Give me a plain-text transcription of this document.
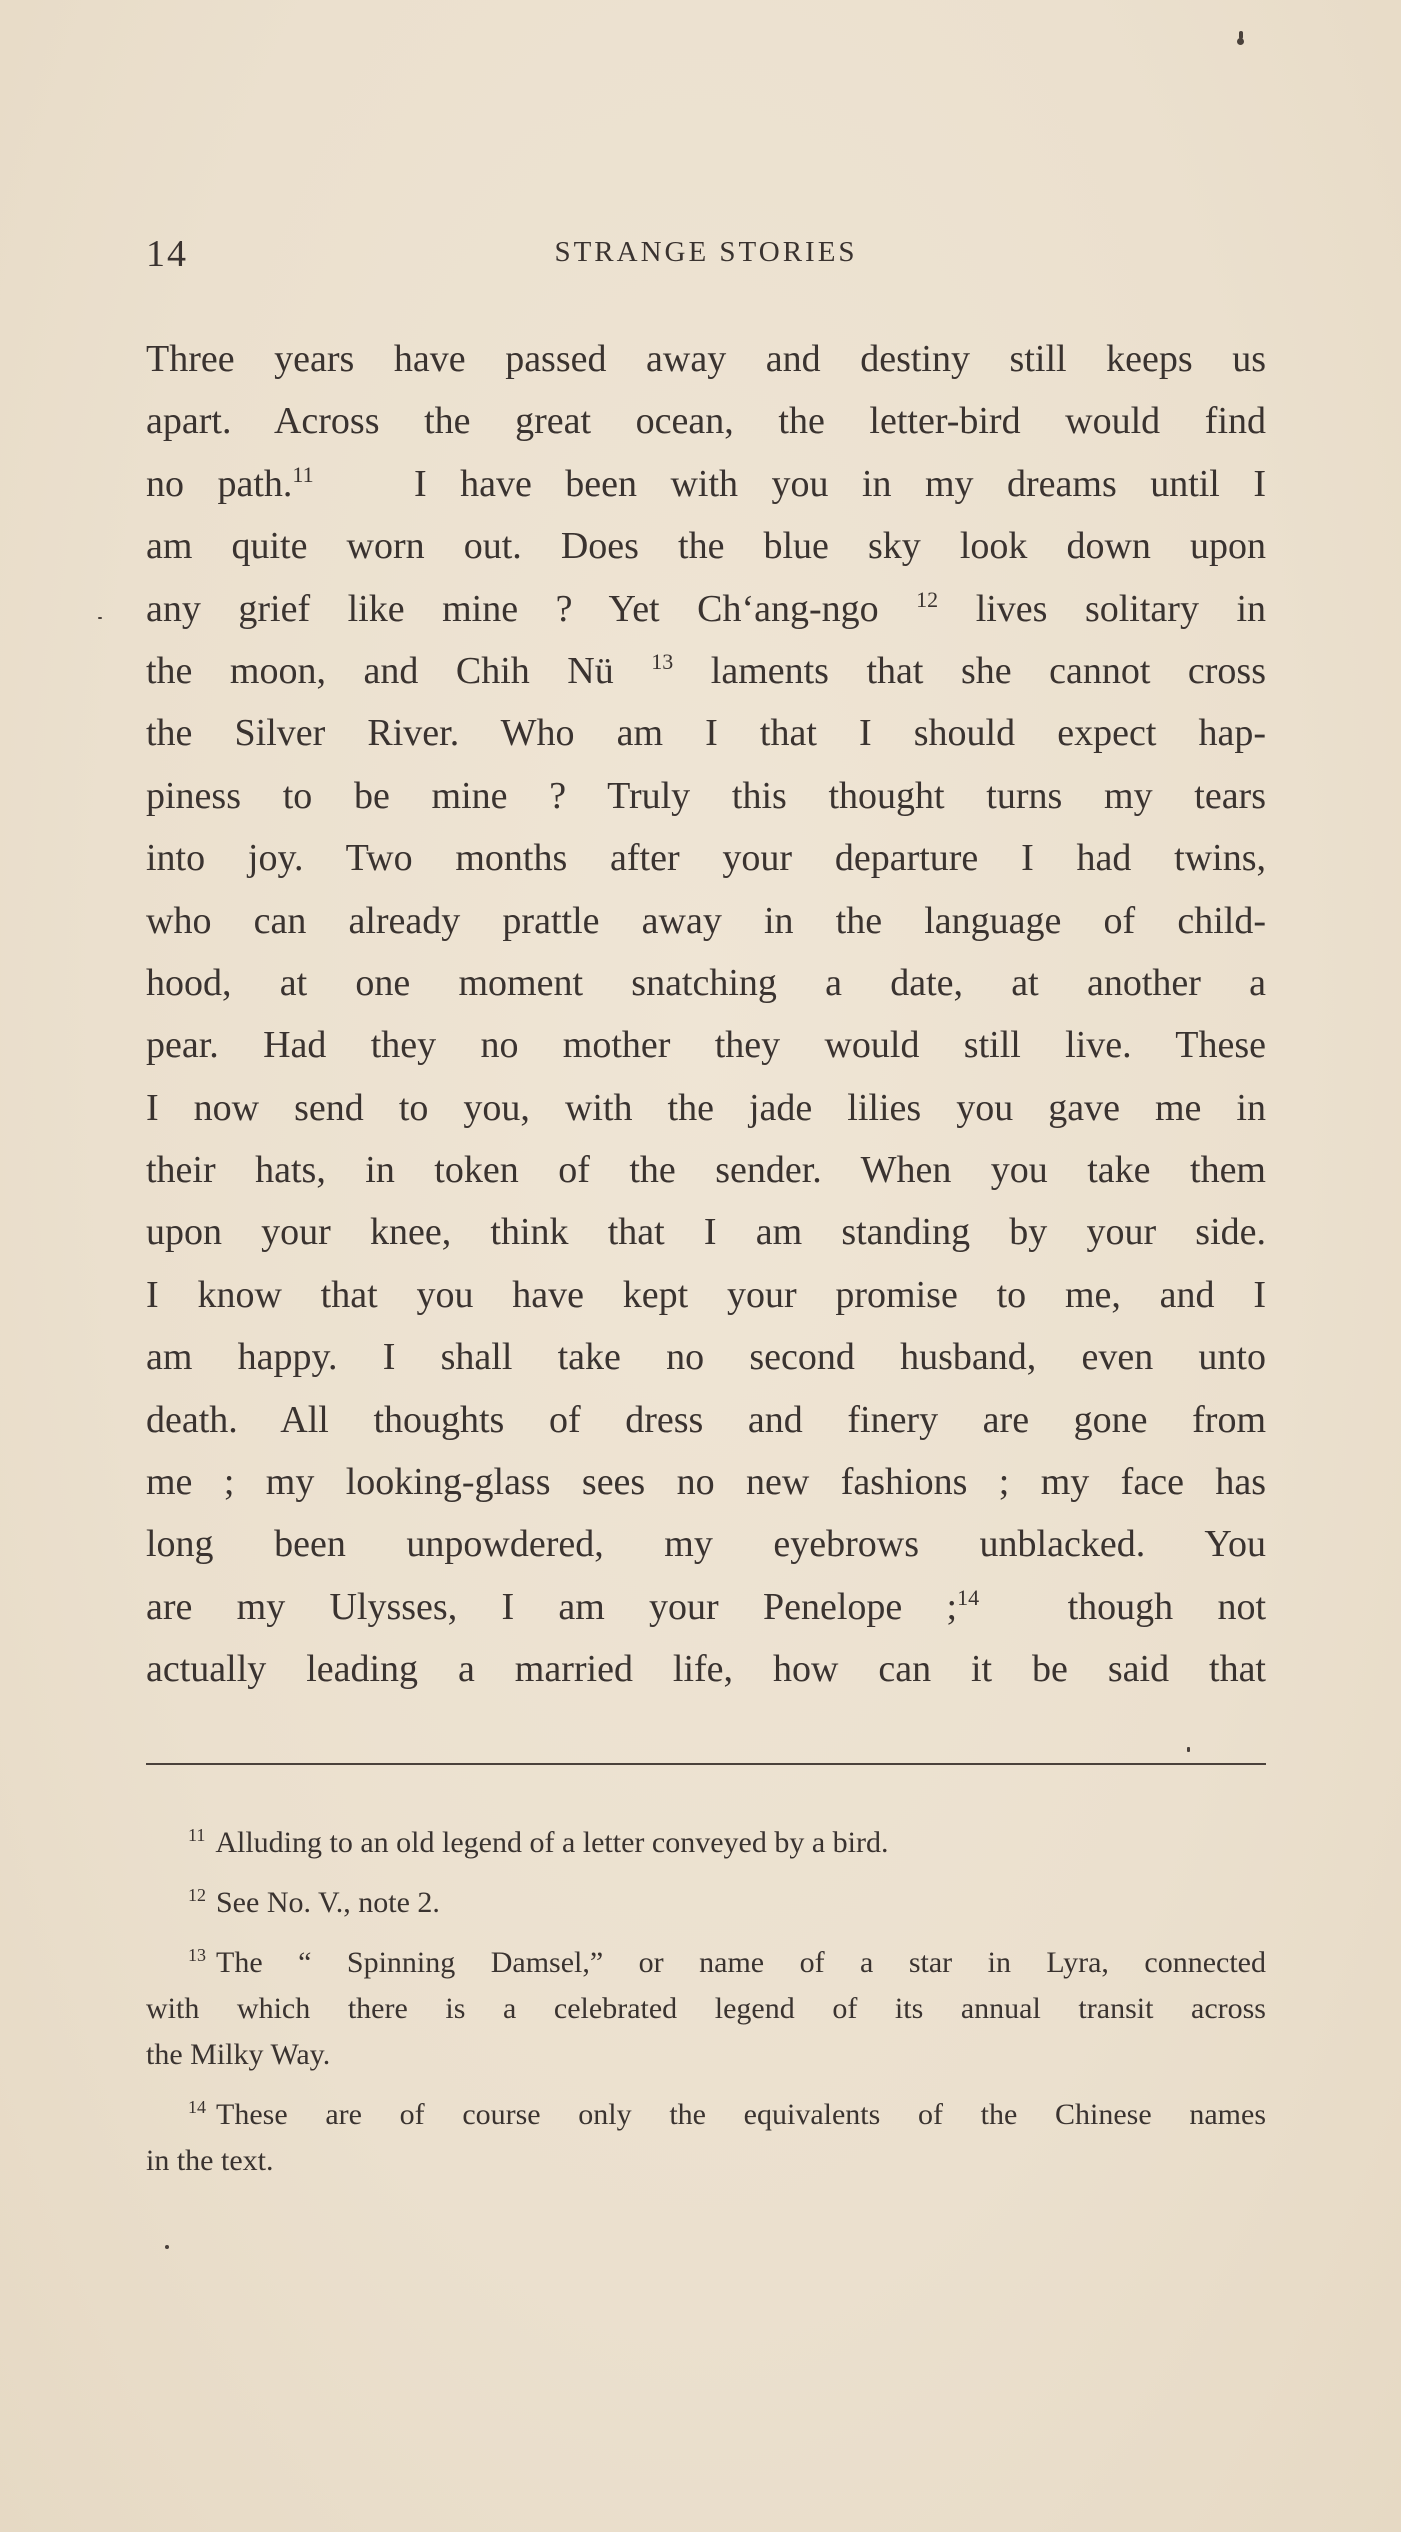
14	STRANGE STORIES
Three years have passed away and destiny still keeps us
apart. Across the great ocean, the letter-bird would find
no path.$^{11}$	I have been with you in my dreams until I
am quite worn out. Does the blue sky look down upon
any grief like mine ? Yet Ch‘ang-ngo $^{12}$ lives solitary in
the moon, and Chih Nü $^{13}$ laments that she cannot cross
the Silver River. Who am I that I should expect hap-
piness to be mine ? Truly this thought turns my tears
into joy. Two months after your departure I had twins,
who can already prattle away in the language of child-
hood, at one moment snatching a date, at another a
pear. Had they no mother they would still live. These
I now send to you, with the jade lilies you gave me in
their hats, in token of the sender. When you take them
upon your knee, think that I am standing by your side.
I know that you have kept your promise to me, and I
am happy. I shall take no second husband, even unto
death. All thoughts of dress and finery are gone from
me ; my looking-glass sees no new fashions ; my face has
long been unpowdered, my eyebrows unblacked. You
are my Ulysses, I am your Penelope ;$^{14}$ though not
actually leading a married life, how can it be said that
$^{11}$ Alluding to an old legend of a letter conveyed by a bird.
$^{12}$ See No. V., note 2.
$^{13}$ The “ Spinning Damsel,” or name of a star in Lyra, connected
with which there is a celebrated legend of its annual transit across
the Milky Way.
$^{14}$ These are of course only the equivalents of the Chinese names
in the text.
